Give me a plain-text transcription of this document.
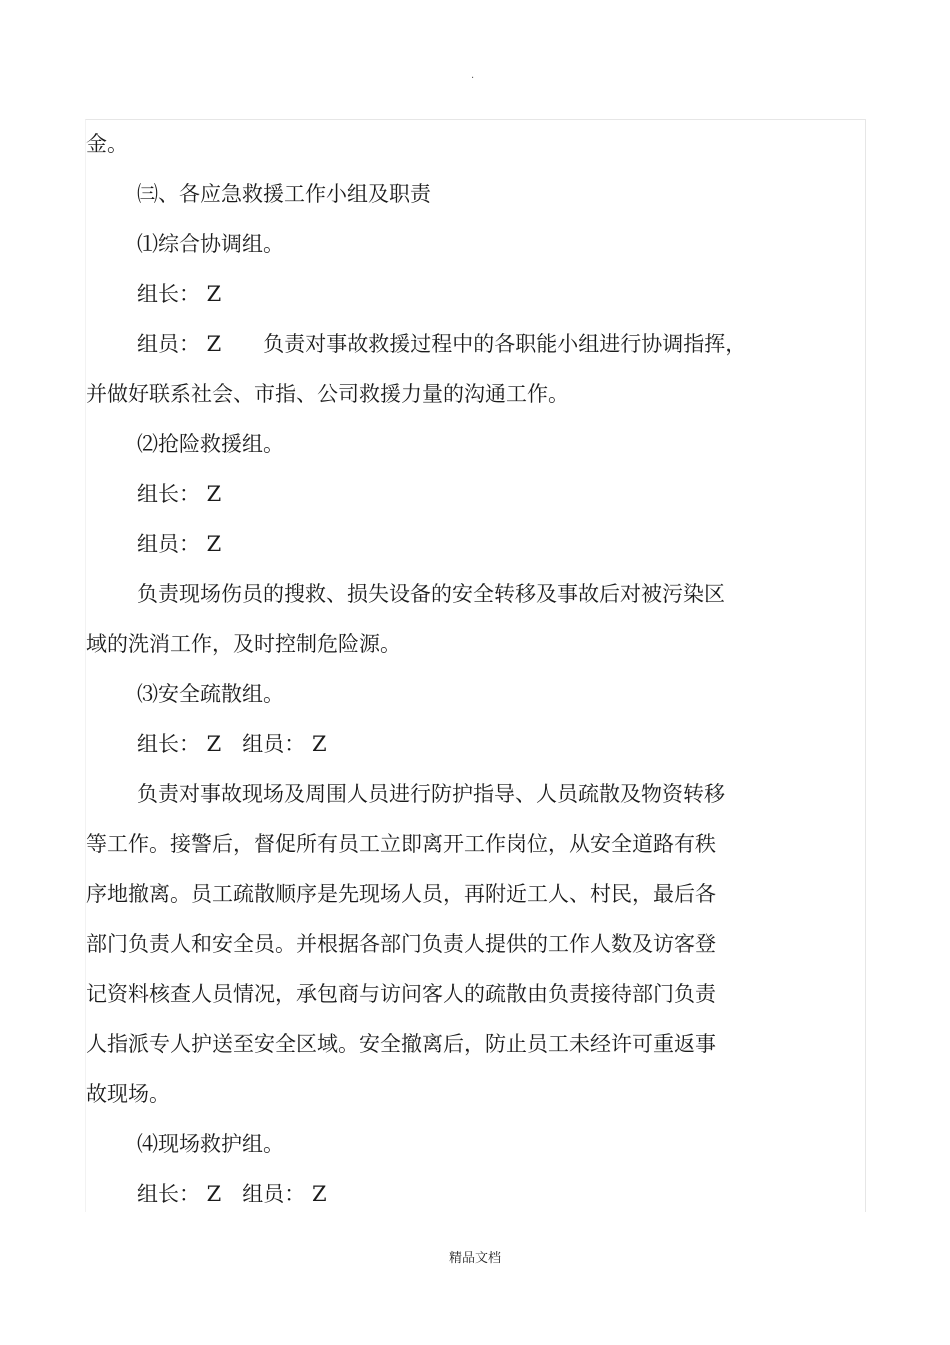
.
金。
㈢、各应急救援工作小组及职责
⑴综合协调组。
组长： Z
组员： Z　　负责对事故救援过程中的各职能小组进行协调指挥，
并做好联系社会、市指、公司救援力量的沟通工作。
⑵抢险救援组。
组长： Z
组员： Z
负责现场伤员的搜救、损失设备的安全转移及事故后对被污染区
域的洗消工作，及时控制危险源。
⑶安全疏散组。
组长： Z　组员： Z
负责对事故现场及周围人员进行防护指导、人员疏散及物资转移
等工作。接警后，督促所有员工立即离开工作岗位，从安全道路有秩
序地撤离。员工疏散顺序是先现场人员，再附近工人、村民，最后各
部门负责人和安全员。并根据各部门负责人提供的工作人数及访客登
记资料核查人员情况，承包商与访问客人的疏散由负责接待部门负责
人指派专人护送至安全区域。安全撤离后，防止员工未经许可重返事
故现场。
⑷现场救护组。
组长： Z　组员： Z
精品文档
